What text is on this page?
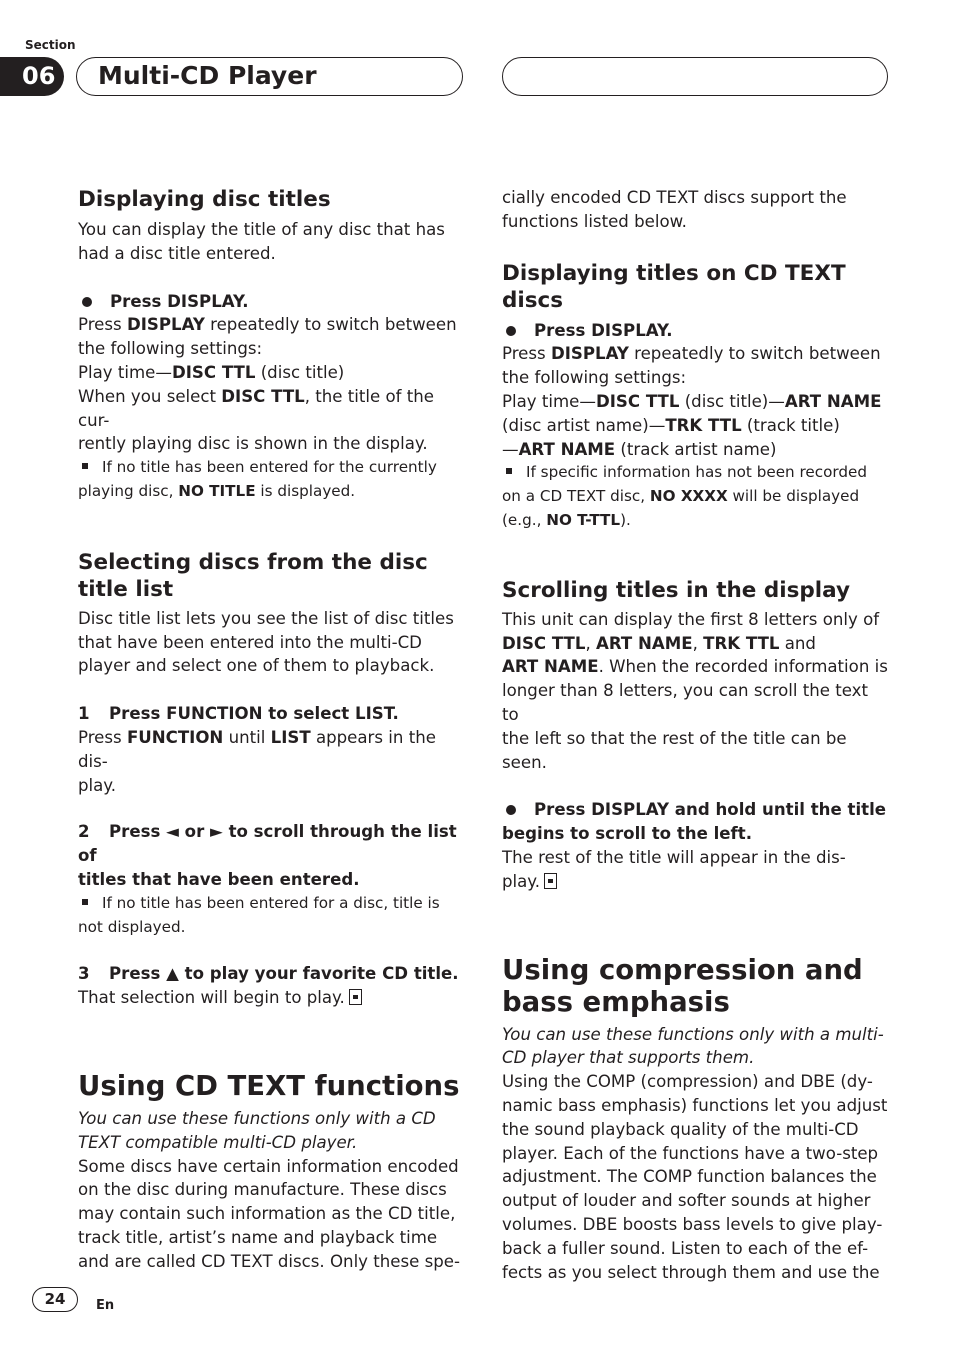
Section
06	Multi-CD Player

Displaying disc titles

You can display the title of any disc that has

had a disc title entered.

Press DISPLAY.

Press DISPLAY repeatedly to switch between

the following settings:

Play time—DISC TTL (disc title)

When you select DISC TTL, the title of the cur-

rently playing disc is shown in the display.

If no title has been entered for the currently

playing disc, NO TITLE is displayed.

Selecting discs from the disc

title list

Disc title list lets you see the list of disc titles

that have been entered into the multi-CD

player and select one of them to playback.

1 Press FUNCTION to select LIST.

Press FUNCTION until LIST appears in the dis-

play.

2 Press ◄ or ► to scroll through the list of

titles that have been entered.

If no title has been entered for a disc, title is

not displayed.

3 Press ▲ to play your favorite CD title.

That selection will begin to play.

Using CD TEXT functions

You can use these functions only with a CD

TEXT compatible multi-CD player.

Some discs have certain information encoded

on the disc during manufacture. These discs

may contain such information as the CD title,

track title, artist’s name and playback time

and are called CD TEXT discs. Only these spe-

cially encoded CD TEXT discs support the

functions listed below.

Displaying titles on CD TEXT discs

Press DISPLAY.

Press DISPLAY repeatedly to switch between

the following settings:

Play time—DISC TTL (disc title)—ART NAME

(disc artist name)—TRK TTL (track title)

—ART NAME (track artist name)

If specific information has not been recorded

on a CD TEXT disc, NO XXXX will be displayed

(e.g., NO T-TTL).

Scrolling titles in the display

This unit can display the first 8 letters only of

DISC TTL, ART NAME, TRK TTL and

ART NAME. When the recorded information is

longer than 8 letters, you can scroll the text to

the left so that the rest of the title can be seen.

Press DISPLAY and hold until the title

begins to scroll to the left.

The rest of the title will appear in the dis-

play.

Using compression and

bass emphasis

You can use these functions only with a multi-

CD player that supports them.

Using the COMP (compression) and DBE (dy-

namic bass emphasis) functions let you adjust

the sound playback quality of the multi-CD

player. Each of the functions have a two-step

adjustment. The COMP function balances the

output of louder and softer sounds at higher

volumes. DBE boosts bass levels to give play-

back a fuller sound. Listen to each of the ef-

fects as you select through them and use the

24	En
